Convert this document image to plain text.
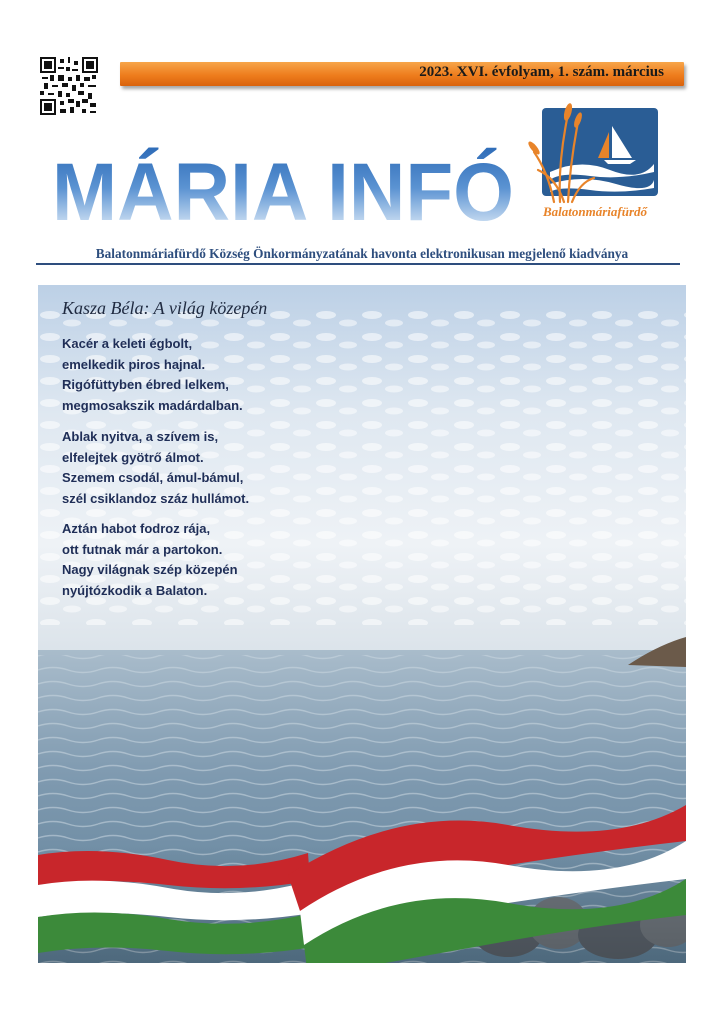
2023. XVI. évfolyam, 1. szám. március
MÁRIA INFÓ Balatonmáriafürdő
Balatonmáriafürdő Község Önkormányzatának havonta elektronikusan megjelenő kiadványa
Kasza Béla: A világ közepén
Kacér a keleti égbolt,
emelkedik piros hajnal.
Rigófüttyben ébred lelkem,
megmosakszik madárdalban.
Ablak nyitva, a szívem is,
elfelejtek gyötrő álmot.
Szemem csodál, ámul-bámul,
szél csiklandoz száz hullámot.
Aztán habot fodroz rája,
ott futnak már a partokon.
Nagy világnak szép közepén
nyújtózkodik a Balaton.
